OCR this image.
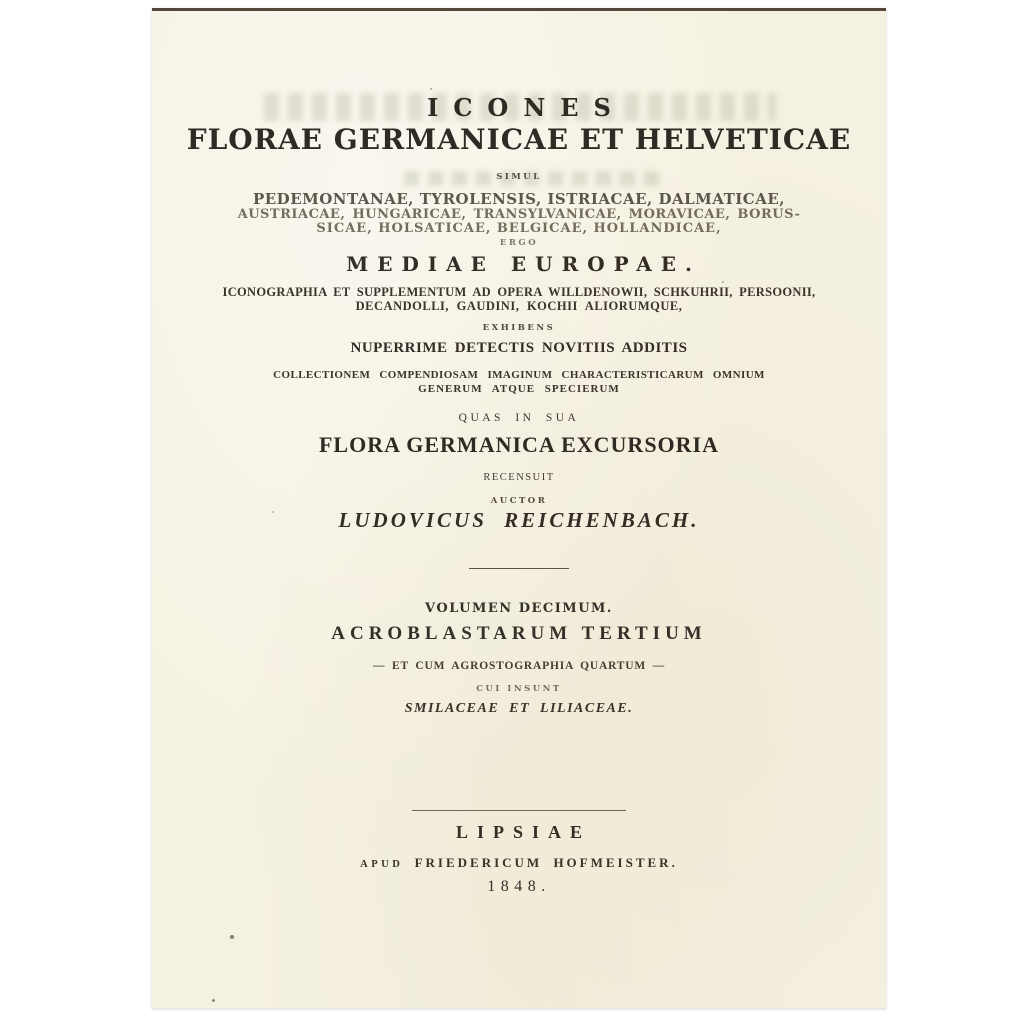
ICONES
FLORAE GERMANICAE ET HELVETICAE
SIMUL
PEDEMONTANAE, TYROLENSIS, ISTRIACAE, DALMATICAE,
AUSTRIACAE, HUNGARICAE, TRANSYLVANICAE, MORAVICAE, BORUS-
SICAE, HOLSATICAE, BELGICAE, HOLLANDICAE,
ERGO
MEDIAE EUROPAE.
ICONOGRAPHIA ET SUPPLEMENTUM AD OPERA WILLDENOWII, SCHKUHRII, PERSOONII,
DECANDOLLI, GAUDINI, KOCHII ALIORUMQUE,
EXHIBENS
NUPERRIME DETECTIS NOVITIIS ADDITIS
COLLECTIONEM COMPENDIOSAM IMAGINUM CHARACTERISTICARUM OMNIUM
GENERUM ATQUE SPECIERUM
QUAS IN SUA
FLORA GERMANICA EXCURSORIA
RECENSUIT
AUCTOR
LUDOVICUS REICHENBACH.
VOLUMEN DECIMUM.
ACROBLASTARUM TERTIUM
— ET CUM AGROSTOGRAPHIA QUARTUM —
CUI INSUNT
SMILACEAE ET LILIACEAE.
LIPSIAE
APUD FRIEDERICUM HOFMEISTER.
1848.
